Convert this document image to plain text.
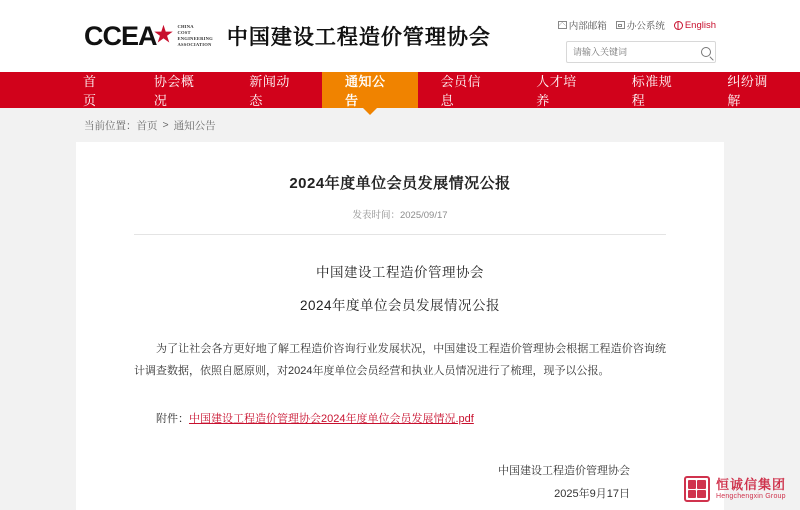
CCEA
★ CHINA
COST
ENGINEERING
ASSOCIATION 中国建设工程造价管理协会	内部邮箱 办公系统 English
请输入关键词
首页
协会概况
新闻动态
通知公告
会员信息
人才培养
标准规程
纠纷调解
当前位置： 首页 > 通知公告
2024年度单位会员发展情况公报
发表时间：2025/09/17
中国建设工程造价管理协会
2024年度单位会员发展情况公报
为了让社会各方更好地了解工程造价咨询行业发展状况，中国建设工程造价管理协会根据工程造价咨询统计调查数据，依照自愿原则，对2024年度单位会员经营和执业人员情况进行了梳理，现予以公报。
附件：中国建设工程造价管理协会2024年度单位会员发展情况.pdf
中国建设工程造价管理协会
2025年9月17日
恒诚信集团
Hengchengxin Group
